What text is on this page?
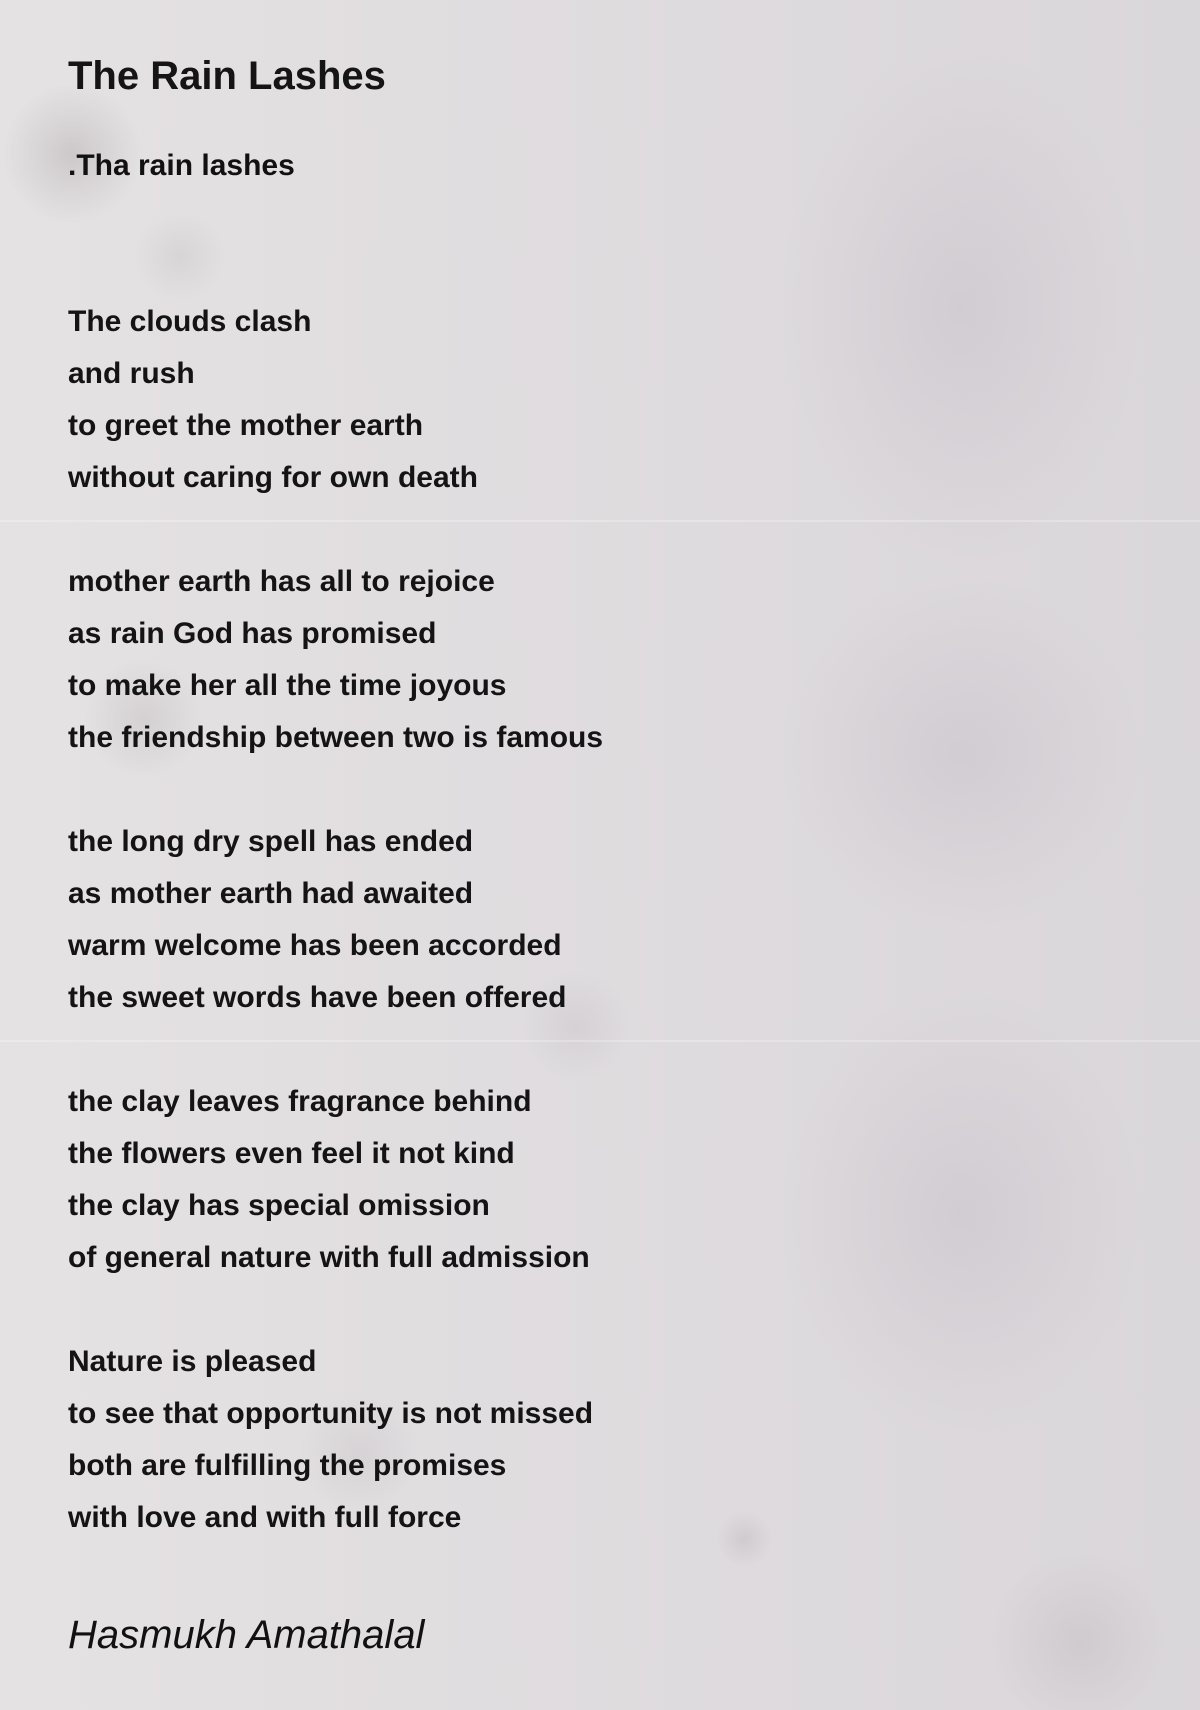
The Rain Lashes
.Tha rain lashes
The clouds clash
and rush
to greet the mother earth
without caring for own death
mother earth has all to rejoice
as rain God has promised
to make her all the time joyous
the friendship between two is famous
the long dry spell has ended
as mother earth had awaited
warm welcome has been accorded
the sweet words have been offered
the clay leaves fragrance behind
the flowers even feel it not kind
the clay has special omission
of general nature with full admission
Nature is pleased
to see that opportunity is not missed
both are fulfilling the promises
with love and with full force
Hasmukh Amathalal
